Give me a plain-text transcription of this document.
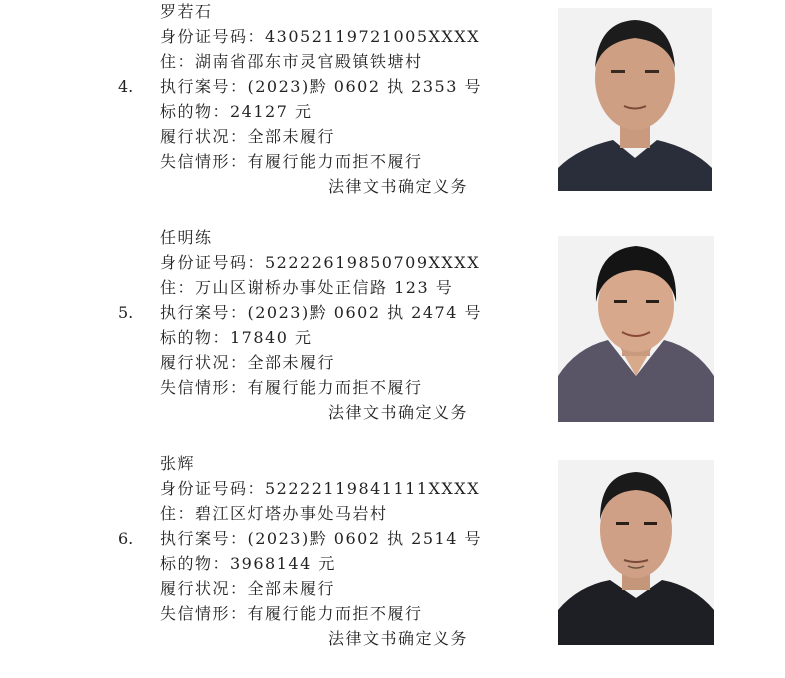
罗若石
身份证号码：43052119721005XXXX
住：湖南省邵东市灵官殿镇铁塘村
4. 执行案号：(2023)黔 0602 执 2353 号
标的物：24127 元
履行状况：全部未履行
失信情形：有履行能力而拒不履行
法律文书确定义务
任明练
身份证号码：52222619850709XXXX
住：万山区谢桥办事处正信路 123 号
5. 执行案号：(2023)黔 0602 执 2474 号
标的物：17840 元
履行状况：全部未履行
失信情形：有履行能力而拒不履行
法律文书确定义务
张辉
身份证号码：52222119841111XXXX
住：碧江区灯塔办事处马岩村
6. 执行案号：(2023)黔 0602 执 2514 号
标的物：3968144 元
履行状况：全部未履行
失信情形：有履行能力而拒不履行
法律文书确定义务
